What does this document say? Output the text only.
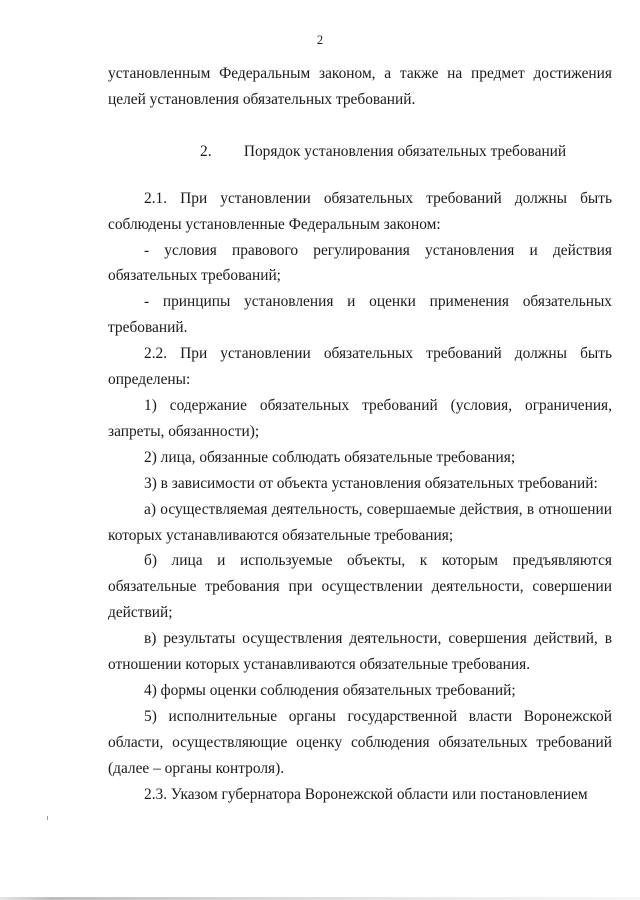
2

установленным Федеральным законом, а также на предмет достижения целей установления обязательных требований.

2. Порядок установления обязательных требований

2.1. При установлении обязательных требований должны быть соблюдены установленные Федеральным законом:

- условия правового регулирования установления и действия обязательных требований;

- принципы установления и оценки применения обязательных требований.

2.2. При установлении обязательных требований должны быть определены:

1) содержание обязательных требований (условия, ограничения, запреты, обязанности);

2) лица, обязанные соблюдать обязательные требования;

3) в зависимости от объекта установления обязательных требований:

а) осуществляемая деятельность, совершаемые действия, в отношении которых устанавливаются обязательные требования;

б) лица и используемые объекты, к которым предъявляются обязательные требования при осуществлении деятельности, совершении действий;

в) результаты осуществления деятельности, совершения действий, в отношении которых устанавливаются обязательные требования.

4) формы оценки соблюдения обязательных требований;

5) исполнительные органы государственной власти Воронежской области, осуществляющие оценку соблюдения обязательных требований (далее – органы контроля).

2.3. Указом губернатора Воронежской области или постановлением
